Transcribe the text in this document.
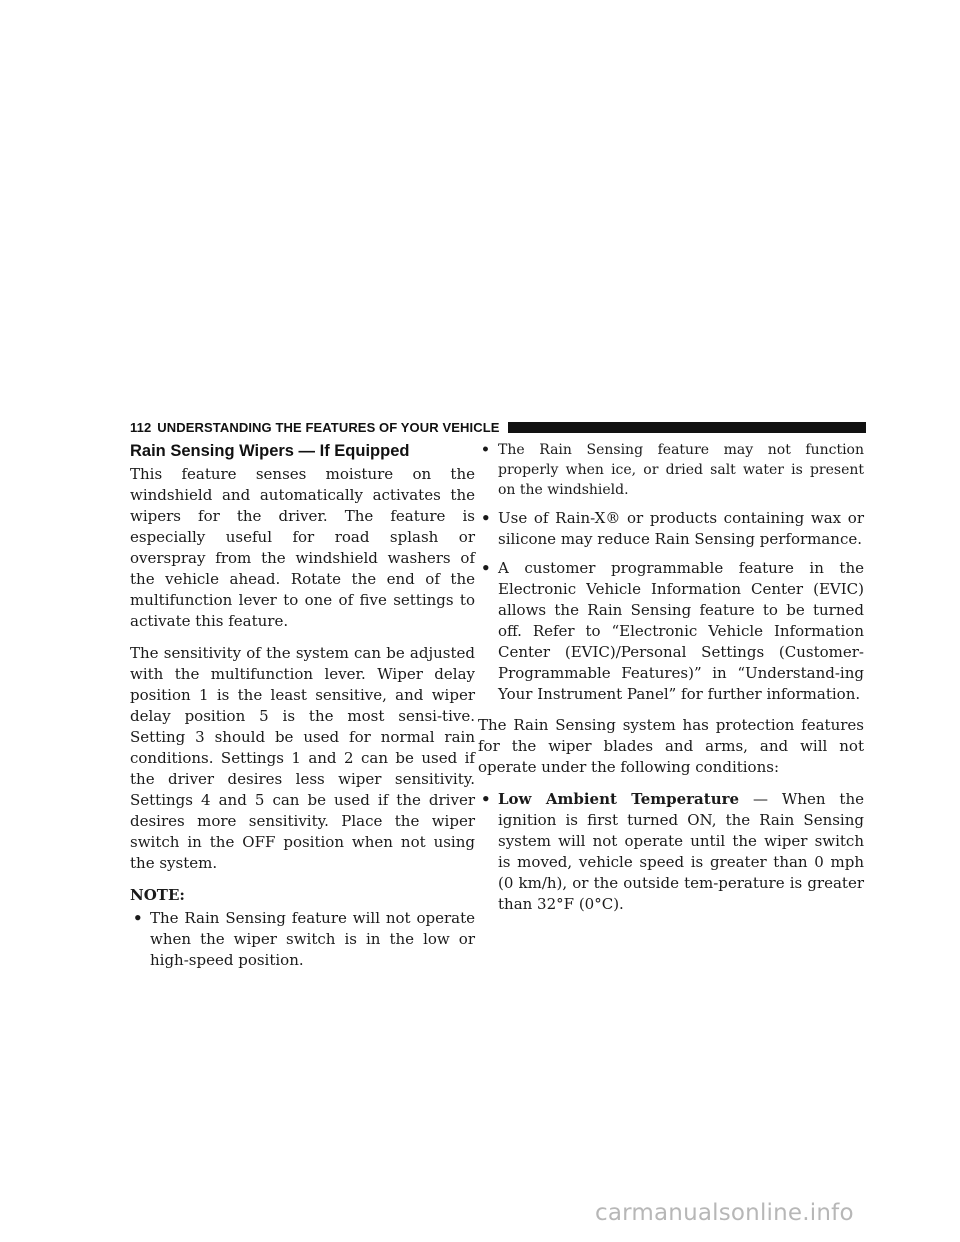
112 UNDERSTANDING THE FEATURES OF YOUR VEHICLE
Rain Sensing Wipers — If Equipped

This feature senses moisture on the windshield and automatically activates the wipers for the driver. The feature is especially useful for road splash or overspray from the windshield washers of the vehicle ahead. Rotate the end of the multifunction lever to one of five settings to activate this feature.

The sensitivity of the system can be adjusted with the multifunction lever. Wiper delay position 1 is the least sensitive, and wiper delay position 5 is the most sensi-tive. Setting 3 should be used for normal rain conditions. Settings 1 and 2 can be used if the driver desires less wiper sensitivity. Settings 4 and 5 can be used if the driver desires more sensitivity. Place the wiper switch in the OFF position when not using the system.

NOTE:
• The Rain Sensing feature will not operate when the wiper switch is in the low or high-speed position.
• The Rain Sensing feature may not function properly when ice, or dried salt water is present on the windshield.
• Use of Rain-X® or products containing wax or silicone may reduce Rain Sensing performance.
• A customer programmable feature in the Electronic Vehicle Information Center (EVIC) allows the Rain Sensing feature to be turned off. Refer to “Electronic Vehicle Information Center (EVIC)/Personal Settings (Customer-Programmable Features)” in “Understand-ing Your Instrument Panel” for further information.

The Rain Sensing system has protection features for the wiper blades and arms, and will not operate under the following conditions:

• Low Ambient Temperature — When the ignition is first turned ON, the Rain Sensing system will not operate until the wiper switch is moved, vehicle speed is greater than 0 mph (0 km/h), or the outside tem-perature is greater than 32°F (0°C).
carmanualsonline.info
